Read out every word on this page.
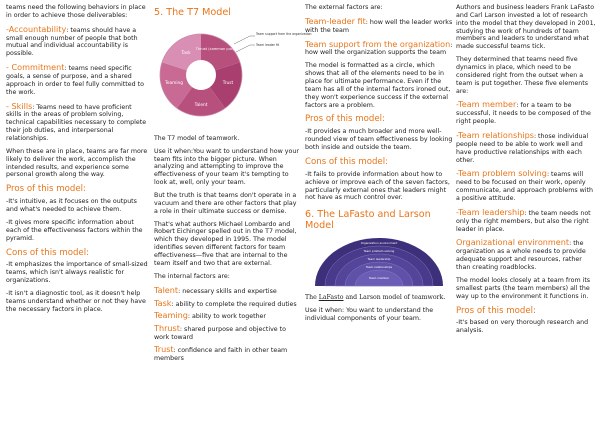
teams need the following behaviors in place in order to achieve those deliverables:

-Accountability: teams should have a small enough number of people that both mutual and individual accountability is possible.

- Commitment: teams need specific goals, a sense of purpose, and a shared approach in order to feel fully committed to the work.

- Skills: Teams need to have proficient skills in the areas of problem solving, technical capabilities necessary to complete their job duties, and interpersonal relationships.

When these are in place, teams are far more likely to deliver the work, accomplish the intended results, and experience some personal growth along the way.

Pros of this model:

-It's intuitive, as it focuses on the outputs and what's needed to achieve them.

-It gives more specific information about each of the effectiveness factors within the pyramid.

Cons of this model:

-It emphasizes the importance of small-sized teams, which isn't always realistic for organizations.

-It isn't a diagnostic tool, as it doesn't help teams understand whether or not they have the necessary factors in place.

5. The T7 Model
Task
Thrust (common purpose)
Trust
Talent
Teaming
Team support from the organization
Team leader fit

The T7 model of teamwork.

Use it when:You want to understand how your team fits into the bigger picture. When analyzing and attempting to improve the effectiveness of your team it's tempting to look at, well, only your team.

But the truth is that teams don't operate in a vacuum and there are other factors that play a role in their ultimate success or demise.

That's what authors Michael Lombardo and Robert Eichinger spelled out in the T7 model, which they developed in 1995. The model identifies seven different factors for team effectiveness—five that are internal to the team itself and two that are external.

The internal factors are:

Talent: necessary skills and expertise

Task: ability to complete the required duties

Teaming: ability to work together

Thrust: shared purpose and objective to work toward

Trust: confidence and faith in other team members

The external factors are:

Team-leader fit: how well the leader works with the team

Team support from the organization: how well the organization supports the team

The model is formatted as a circle, which shows that all of the elements need to be in place for ultimate performance. Even if the team has all of the internal factors ironed out, they won't experience success if the external factors are a problem.

Pros of this model:

-It provides a much broader and more well-rounded view of team effectiveness by looking both inside and outside the team.

Cons of this model:

-It fails to provide information about how to achieve or improve each of the seven factors, particularly external ones that leaders might not have as much control over.

6. The LaFasto and Larson Model
Organization environment
Team problem solving
Team leadership
Team relationships
Team member

The LaFasto and Larson model of teamwork.

Use it when: You want to understand the individual components of your team.

Authors and business leaders Frank LaFasto and Carl Larson invested a lot of research into the model that they developed in 2001, studying the work of hundreds of team members and leaders to understand what made successful teams tick.

They determined that teams need five dynamics in place, which need to be considered right from the outset when a team is put together. These five elements are:

-Team member: for a team to be successful, it needs to be composed of the right people.

-Team relationships: those individual people need to be able to work well and have productive relationships with each other.

-Team problem solving: teams will need to be focused on their work, openly communicate, and approach problems with a positive attitude.

-Team leadership: the team needs not only the right members, but also the right leader in place.

Organizational environment: the organization as a whole needs to provide adequate support and resources, rather than creating roadblocks.

The model looks closely at a team from its smallest parts (the team members) all the way up to the environment it functions in.

Pros of this model:

-It's based on very thorough research and analysis.
